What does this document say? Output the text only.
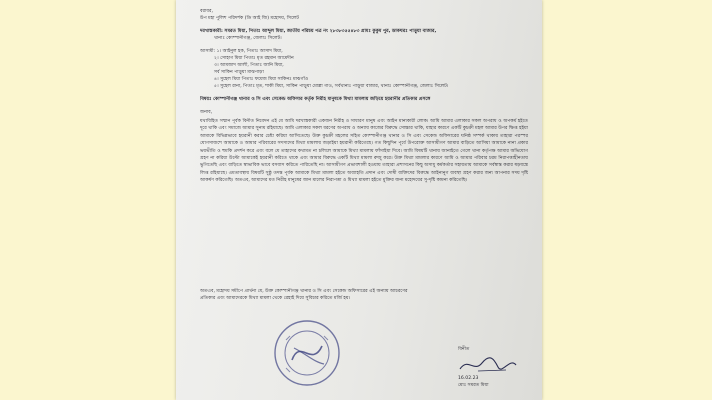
বরাবর,
উপ মহা পুলিশ পরিদর্শক (ডি আই জি) মহোদয়, সিলেট
দরখাস্তকারী: সমরত মিয়া, পিতাঃ আব্দুল মিয়া, জাতীয় পরিচয় পত্র নং ২৮৩৮৩৫৫৪৮৩ গ্রামঃ কুকুম পুর, ডাকঘরঃ পাড়ুয়া বাজার,
থানাঃ কোম্পানীগঞ্জ, জেলাঃ সিলেট।
আসামী: ১। আইনুল হক, পিতাঃ আসাদ মিয়া,
২। সোহাগ মিয়া পিতাঃ মৃত রহমান আমেদীন
৩। আমজাদ আলী, পিতাঃ জানি মিয়া,
সর্ব সাকিন পাড়ুয়া মাঝপাড়া
৪। সুহেল মিয়া পিতাঃ ফয়েজ মিয়া সাকিনঃ মাঝগাঁও
৫। সুহেল রানা, পিতাঃ মৃত, শাকী মিয়া, সাকিন পাড়ুয়া মোল্লা গাও, সর্বথানাঃ পাড়ুয়া বাজার, থানাঃ কোম্পানীগঞ্জ, জেলাঃ সিলেট।
বিষয়ঃ কোম্পানীগঞ্জ থানার ও সি এবং সেকেন্ড অফিসার কর্তৃক নিরীহ মানুষকে মিথ্যা মামলায় জড়িয়ে হয়রানীর প্রতিকার প্রসঙ্গে
জনাব,
যথাবিহিত সম্মান পূর্বক বিনীত নিবেদন এই যে আমি দরখাস্তকারী একজন নিরীহ ও সাধারণ মানুষ এবং আইন মান্যকারী লোক। আমি আমার এলাকার সকল অপরাধ ও অপকর্ম হইতে দূরে থাকি এবং সমাজে আমার সুনাম রহিয়াছে। আমি এলাকার সকল ধরণের অপরাধ ও অন্যায় কাজের বিরুদ্ধে সোচ্চার থাকি, যাহার কারণে একটি কুচক্রী মহল আমার উপর ক্ষিপ্ত হইয়া আমাকে বিভিন্নভাবে হয়রানী করার চেষ্টা করিয়া আসিতেছে। উক্ত কুচক্রী মহলের সহিত কোম্পানীগঞ্জ থানার ও সি এবং সেকেন্ড অফিসারের ঘনিষ্ঠ সম্পর্ক থাকায় তাহারা পরস্পর যোগসাজশে আমাকে ও আমার পরিবারের সদস্যদের মিথ্যা মামলায় জড়াইয়া হয়রানী করিতেছে। গত কিছুদিন পূর্বে উপরোক্ত আসামীগণ আমার বাড়িতে আসিয়া আমাকে নানা প্রকার ভয়ভীতি ও হুমকি প্রদর্শন করে এবং বলে যে তাহাদের কথামত না চলিলে আমাকে মিথ্যা মামলায় ফাঁসাইয়া দিবে। আমি বিষয়টি থানায় জানাইতে গেলে থানা কর্তৃপক্ষ আমার অভিযোগ গ্রহণ না করিয়া উল্টো আমাকেই হয়রানী করিতে থাকে এবং আমার বিরুদ্ধে একটি মিথ্যা মামলা রুজু করে। উক্ত মিথ্যা মামলার কারণে আমি ও আমার পরিবার চরম নিরাপত্তাহীনতায় ভুগিতেছি এবং বাড়িতে স্বাভাবিক ভাবে বসবাস করিতে পারিতেছি না। আসামীগণ প্রভাবশালী হওয়ায় তাহারা প্রশাসনের কিছু অসাধু কর্মকর্তার সহায়তায় আমাকে সর্বস্বান্ত করার ষড়যন্ত্রে লিপ্ত রহিয়াছে। এমতাবস্থায় বিষয়টি সুষ্ঠু তদন্ত পূর্বক আমাকে মিথ্যা মামলা হইতে অব্যাহতি প্রদান এবং দোষী ব্যক্তিদের বিরুদ্ধে আইনানুগ ব্যবস্থা গ্রহণ করার জন্য আপনার সদয় দৃষ্টি আকর্ষণ করিতেছি। অতএব, আমাদের মত নিরীহ মানুষের জান মালের নিরাপত্তা ও মিথ্যা মামলা হইতে মুক্তির জন্য মহোদয়ের সু-দৃষ্টি কামনা করিতেছি।
অতএব, মহোদয় সমীপে প্রার্থনা যে, উক্ত কোম্পানীগঞ্জ থানার ও সি এবং সেকেন্ড অফিসারের এই অন্যায় আচরণের
প্রতিকার এবং আমাদেরকে মিথ্যা মামলা থেকে রেহাই দিয়ে সুবিচার করিতে মর্জি হয়।
বিনীত
16.02.23
মোঃ সমরত মিয়া
